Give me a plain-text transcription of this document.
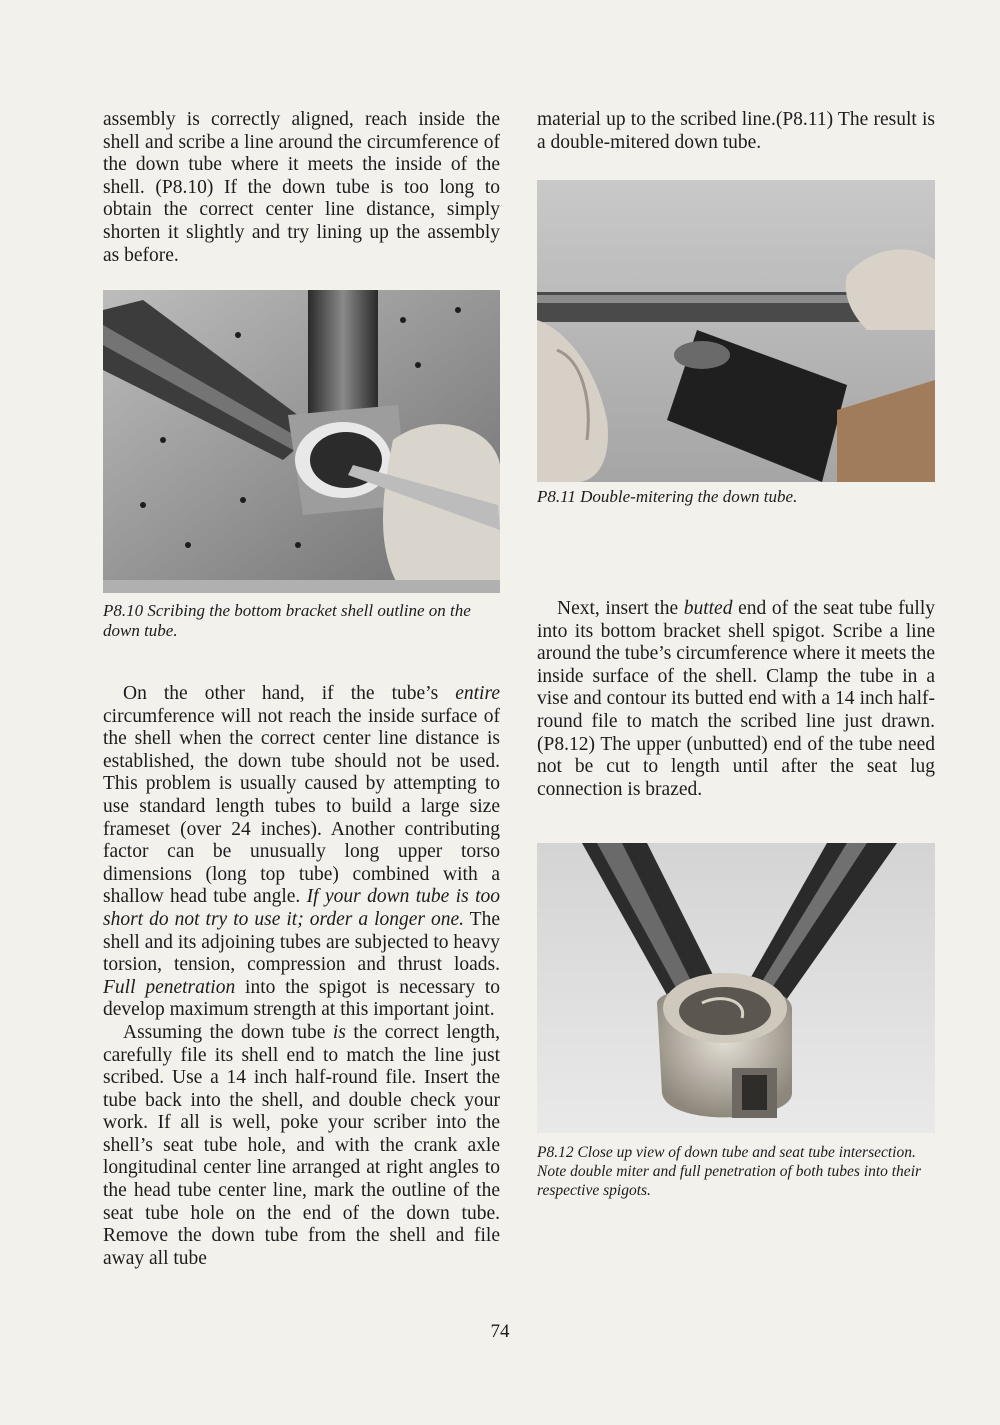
assembly is correctly aligned, reach inside the shell and scribe a line around the circumference of the down tube where it meets the inside of the shell. (P8.10) If the down tube is too long to obtain the correct center line distance, simply shorten it slightly and try lining up the assembly as before.

P8.10 Scribing the bottom bracket shell outline on the down tube.

On the other hand, if the tube’s entire circumference will not reach the inside surface of the shell when the correct center line distance is established, the down tube should not be used. This problem is usually caused by attempting to use standard length tubes to build a large size frameset (over 24 inches). Another contributing factor can be unusually long upper torso dimensions (long top tube) combined with a shallow head tube angle. If your down tube is too short do not try to use it; order a longer one. The shell and its adjoining tubes are subjected to heavy torsion, tension, compression and thrust loads. Full penetration into the spigot is necessary to develop maximum strength at this important joint.

Assuming the down tube is the correct length, carefully file its shell end to match the line just scribed. Use a 14 inch half-round file. Insert the tube back into the shell, and double check your work. If all is well, poke your scriber into the shell’s seat tube hole, and with the crank axle longitudinal center line arranged at right angles to the head tube center line, mark the outline of the seat tube hole on the end of the down tube. Remove the down tube from the shell and file away all tube

material up to the scribed line.(P8.11) The result is a double-mitered down tube.

P8.11 Double-mitering the down tube.

Next, insert the butted end of the seat tube fully into its bottom bracket shell spigot. Scribe a line around the tube’s circumference where it meets the inside surface of the shell. Clamp the tube in a vise and contour its butted end with a 14 inch half-round file to match the scribed line just drawn. (P8.12) The upper (unbutted) end of the tube need not be cut to length until after the seat lug connection is brazed.

P8.12 Close up view of down tube and seat tube intersection. Note double miter and full penetration of both tubes into their respective spigots.
74
